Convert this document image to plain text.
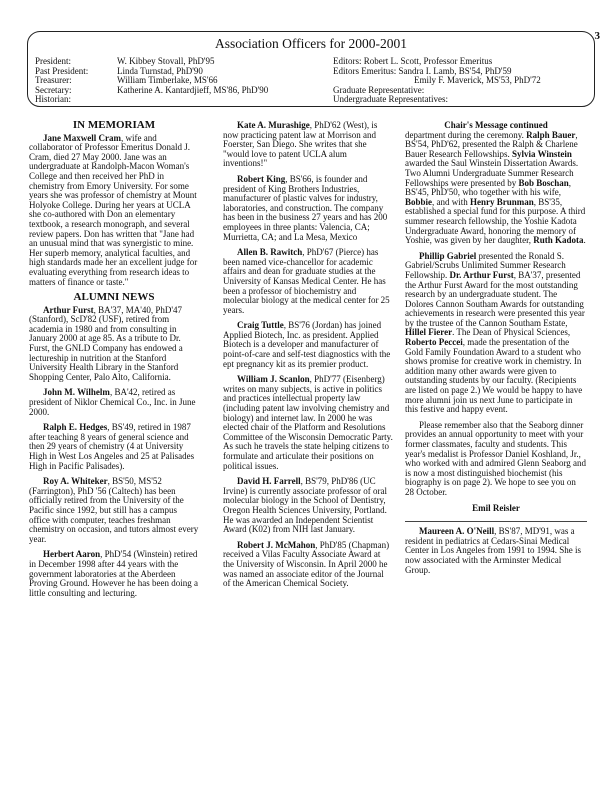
3
Association Officers for 2000-2001
President:	W. Kibbey Stovall, PhD'95
Past President:	Linda Turnstad, PhD'90
Treasurer:	William Timberlake, MS'66
Secretary:	Katherine A. Kantardjieff, MS'86, PhD'90
Historian:
Editors: Robert L. Scott, Professor Emeritus
Editors Emeritus: Sandra I. Lamb, BS'54, PhD'59
Emily F. Maverick, MS'53, PhD'72
Graduate Representative:
Undergraduate Representatives:
IN MEMORIAM

Jane Maxwell Cram, wife and collaborator of Professor Emeritus Donald J. Cram, died 27 May 2000. Jane was an undergraduate at Randolph-Macon Woman's College and then received her PhD in chemistry from Emory University. For some years she was professor of chemistry at Mount Holyoke College. During her years at UCLA she co-authored with Don an elementary textbook, a research monograph, and several review papers. Don has written that "Jane had an unusual mind that was synergistic to mine. Her superb memory, analytical faculties, and high standards made her an excellent judge for evaluating everything from research ideas to matters of finance or taste."

ALUMNI NEWS

Arthur Furst, BA'37, MA'40, PhD'47 (Stanford), ScD'82 (USF), retired from academia in 1980 and from consulting in January 2000 at age 85. As a tribute to Dr. Furst, the GNLD Company has endowed a lectureship in nutrition at the Stanford University Health Library in the Stanford Shopping Center, Palo Alto, California.

John M. Wilhelm, BA'42, retired as president of Niklor Chemical Co., Inc. in June 2000.

Ralph E. Hedges, BS'49, retired in 1987 after teaching 8 years of general science and then 29 years of chemistry (4 at University High in West Los Angeles and 25 at Palisades High in Pacific Palisades).

Roy A. Whiteker, BS'50, MS'52 (Farrington), PhD '56 (Caltech) has been officially retired from the University of the Pacific since 1992, but still has a campus office with computer, teaches freshman chemistry on occasion, and tutors almost every year.

Herbert Aaron, PhD'54 (Winstein) retired in December 1998 after 44 years with the government laboratories at the Aberdeen Proving Ground. However he has been doing a little consulting and lecturing.

Kate A. Murashige, PhD'62 (West), is now practicing patent law at Morrison and Foerster, San Diego. She writes that she "would love to patent UCLA alum inventions!"

Robert King, BS'66, is founder and president of King Brothers Industries, manufacturer of plastic valves for industry, laboratories, and construction. The company has been in the business 27 years and has 200 employees in three plants: Valencia, CA; Murrietta, CA; and La Mesa, Mexico

Allen B. Rawitch, PhD'67 (Pierce) has been named vice-chancellor for academic affairs and dean for graduate studies at the University of Kansas Medical Center. He has been a professor of biochemistry and molecular biology at the medical center for 25 years.

Craig Tuttle, BS'76 (Jordan) has joined Applied Biotech, Inc. as president. Applied Biotech is a developer and manufacturer of point-of-care and self-test diagnostics with the ept pregnancy kit as its premier product.

William J. Scanlon, PhD'77 (Eisenberg) writes on many subjects, is active in politics and practices intellectual property law (including patent law involving chemistry and biology) and internet law. In 2000 he was elected chair of the Platform and Resolutions Committee of the Wisconsin Democratic Party. As such he travels the state helping citizens to formulate and articulate their positions on political issues.

David H. Farrell, BS'79, PhD'86 (UC Irvine) is currently associate professor of oral molecular biology in the School of Dentistry, Oregon Health Sciences University, Portland. He was awarded an Independent Scientist Award (K02) from NIH last January.

Robert J. McMahon, PhD'85 (Chapman) received a Vilas Faculty Associate Award at the University of Wisconsin. In April 2000 he was named an associate editor of the Journal of the American Chemical Society.

Chair's Message continued

department during the ceremony. Ralph Bauer, BS'54, PhD'62, presented the Ralph & Charlene Bauer Research Fellowships. Sylvia Winstein awarded the Saul Winstein Dissertation Awards. Two Alumni Undergraduate Summer Research Fellowships were presented by Bob Boschan, BS'45, PhD'50, who together with his wife, Bobbie, and with Henry Brunman, BS'35, established a special fund for this purpose. A third summer research fellowship, the Yoshie Kadota Undergraduate Award, honoring the memory of Yoshie, was given by her daughter, Ruth Kadota.

Phillip Gabriel presented the Ronald S. Gabriel/Scrubs Unlimited Summer Research Fellowship. Dr. Arthur Furst, BA'37, presented the Arthur Furst Award for the most outstanding research by an undergraduate student. The Dolores Cannon Southam Awards for outstanding achievements in research were presented this year by the trustee of the Cannon Southam Estate, Hillel Fierer. The Dean of Physical Sciences, Roberto Peccei, made the presentation of the Gold Family Foundation Award to a student who shows promise for creative work in chemistry. In addition many other awards were given to outstanding students by our faculty. (Recipients are listed on page 2.) We would be happy to have more alumni join us next June to participate in this festive and happy event.

Please remember also that the Seaborg dinner provides an annual opportunity to meet with your former classmates, faculty and students. This year's medalist is Professor Daniel Koshland, Jr., who worked with and admired Glenn Seaborg and is now a most distinguished biochemist (his biography is on page 2). We hope to see you on 28 October.

Emil Reisler

Maureen A. O'Neill, BS'87, MD'91, was a resident in pediatrics at Cedars-Sinai Medical Center in Los Angeles from 1991 to 1994. She is now associated with the Arminster Medical Group.
